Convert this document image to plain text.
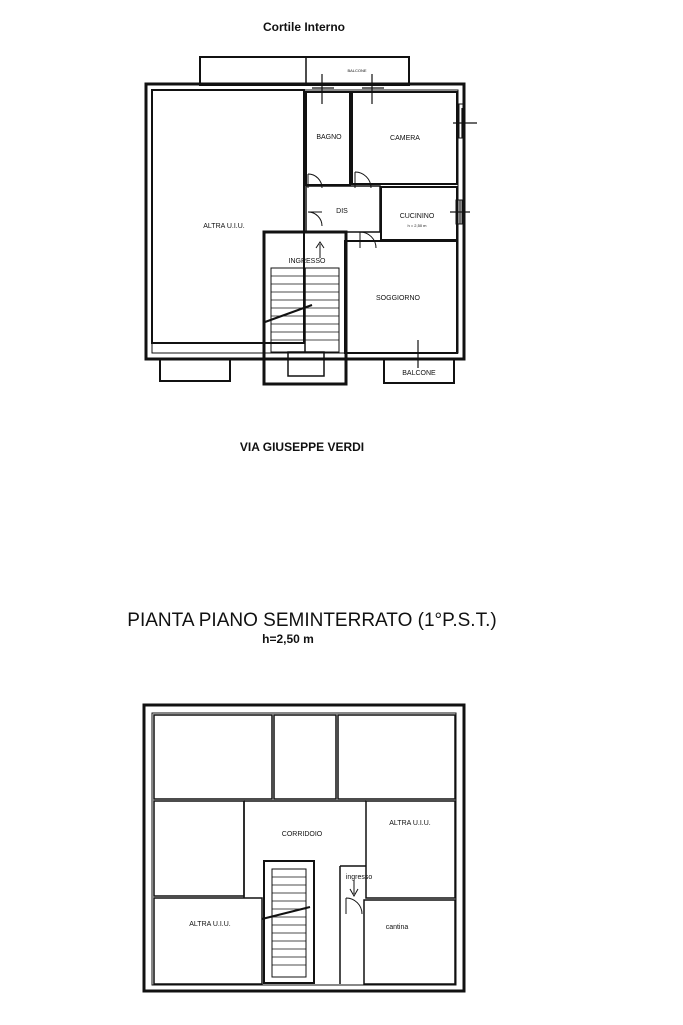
Cortile Interno
BALCONE
ALTRA U.I.U.
BAGNO	CAMERA
DIS
CUCININO
h = 2,50 m
INGRESSO
SOGGIORNO
BALCONE
VIA GIUSEPPE VERDI
PIANTA PIANO SEMINTERRATO (1°P.S.T.)
h=2,50 m
CORRIDOIO
ALTRA U.I.U.
ingresso
ALTRA U.I.U.	cantina
